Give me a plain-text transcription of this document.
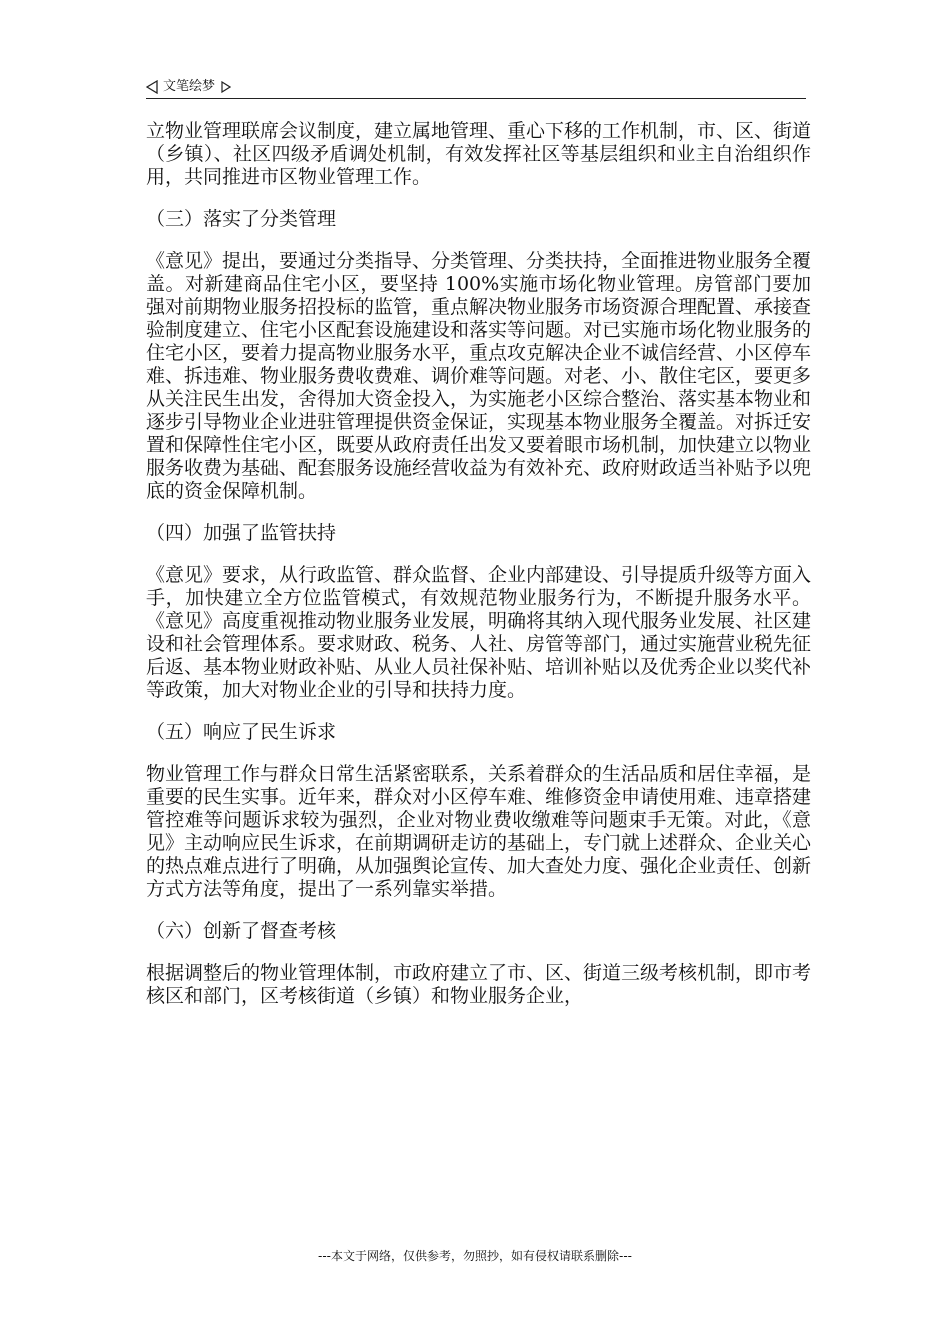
文笔绘梦

立物业管理联席会议制度，建立属地管理、重心下移的工作机制，市、区、街道（乡镇）、社区四级矛盾调处机制，有效发挥社区等基层组织和业主自治组织作用，共同推进市区物业管理工作。

（三）落实了分类管理

《意见》提出，要通过分类指导、分类管理、分类扶持，全面推进物业服务全覆盖。对新建商品住宅小区，要坚持 100%实施市场化物业管理。房管部门要加强对前期物业服务招投标的监管，重点解决物业服务市场资源合理配置、承接查验制度建立、住宅小区配套设施建设和落实等问题。对已实施市场化物业服务的住宅小区，要着力提高物业服务水平，重点攻克解决企业不诚信经营、小区停车难、拆违难、物业服务费收费难、调价难等问题。对老、小、散住宅区，要更多从关注民生出发，舍得加大资金投入，为实施老小区综合整治、落实基本物业和逐步引导物业企业进驻管理提供资金保证，实现基本物业服务全覆盖。对拆迁安置和保障性住宅小区，既要从政府责任出发又要着眼市场机制，加快建立以物业服务收费为基础、配套服务设施经营收益为有效补充、政府财政适当补贴予以兜底的资金保障机制。

（四）加强了监管扶持

《意见》要求，从行政监管、群众监督、企业内部建设、引导提质升级等方面入手，加快建立全方位监管模式，有效规范物业服务行为，不断提升服务水平。《意见》高度重视推动物业服务业发展，明确将其纳入现代服务业发展、社区建设和社会管理体系。要求财政、税务、人社、房管等部门，通过实施营业税先征后返、基本物业财政补贴、从业人员社保补贴、培训补贴以及优秀企业以奖代补等政策，加大对物业企业的引导和扶持力度。

（五）响应了民生诉求

物业管理工作与群众日常生活紧密联系，关系着群众的生活品质和居住幸福，是重要的民生实事。近年来，群众对小区停车难、维修资金申请使用难、违章搭建管控难等问题诉求较为强烈，企业对物业费收缴难等问题束手无策。对此，《意见》主动响应民生诉求，在前期调研走访的基础上，专门就上述群众、企业关心的热点难点进行了明确，从加强舆论宣传、加大查处力度、强化企业责任、创新方式方法等角度，提出了一系列靠实举措。

（六）创新了督查考核

根据调整后的物业管理体制，市政府建立了市、区、街道三级考核机制，即市考核区和部门，区考核街道（乡镇）和物业服务企业，

---本文于网络，仅供参考，勿照抄，如有侵权请联系删除---
